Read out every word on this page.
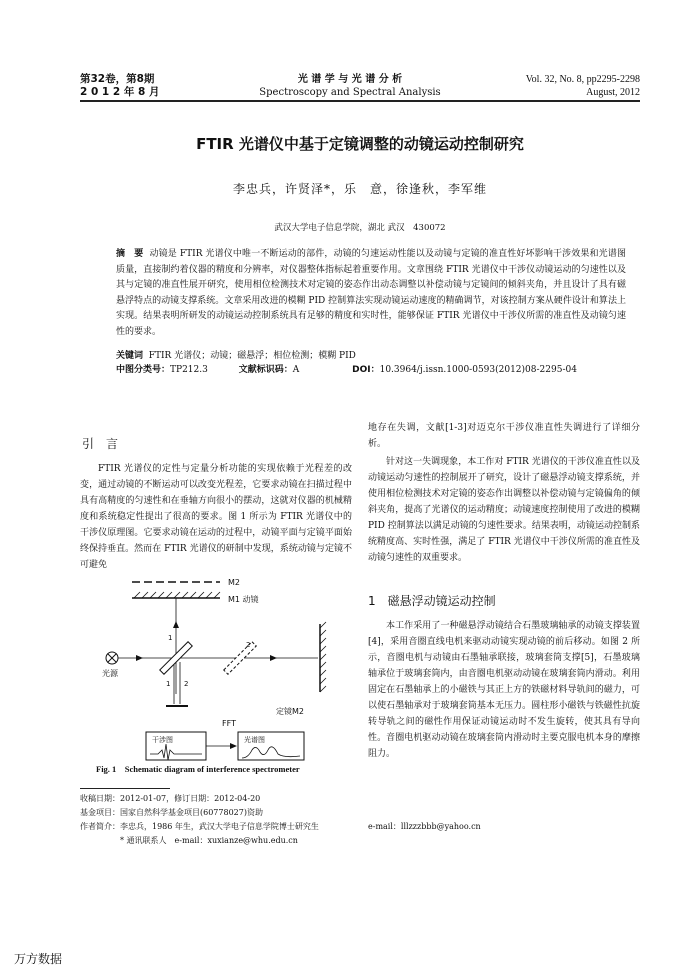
第32卷，第8期
2 0 1 2 年 8 月
光 谱 学 与 光 谱 分 析
Spectroscopy and Spectral Analysis
Vol. 32, No. 8, pp2295-2298
August, 2012
FTIR 光谱仪中基于定镜调整的动镜运动控制研究
李忠兵，许贤泽*，乐　意，徐逢秋，李军维
武汉大学电子信息学院，湖北 武汉　430072
摘　要 动镜是 FTIR 光谱仪中唯一不断运动的部件，动镜的匀速运动性能以及动镜与定镜的准直性好坏影响干涉效果和光谱图质量，直接制约着仪器的精度和分辨率，对仪器整体指标起着重要作用。文章围绕 FTIR 光谱仪中干涉仪动镜运动的匀速性以及其与定镜的准直性展开研究，使用相位检测技术对定镜的姿态作出动态调整以补偿动镜与定镜间的倾斜夹角，并且设计了具有磁悬浮特点的动镜支撑系统。文章采用改进的模糊 PID 控制算法实现动镜运动速度的精确调节，对该控制方案从硬件设计和算法上实现。结果表明所研发的动镜运动控制系统具有足够的精度和实时性，能够保证 FTIR 光谱仪中干涉仪所需的准直性及动镜匀速性的要求。
关键词 FTIR 光谱仪；动镜；磁悬浮；相位检测；模糊 PID
中图分类号：TP212.3	文献标识码：A	DOI：10.3964/j.issn.1000-0593(2012)08-2295-04
引　言
FTIR 光谱仪的定性与定量分析功能的实现依赖于光程差的改变，通过动镜的不断运动可以改变光程差，它要求动镜在扫描过程中具有高精度的匀速性和在垂轴方向很小的摆动，这就对仪器的机械精度和系统稳定性提出了很高的要求。图 1 所示为 FTIR 光谱仪中的干涉仪原理图。它要求动镜在运动的过程中，动镜平面与定镜平面始终保持垂直。然而在 FTIR 光谱仪的研制中发现，系统动镜与定镜不可避免
M2
M1 动镜
1
光源
2
定镜M2
1 2
FFT
干涉图	光谱图
Fig. 1　Schematic diagram of interference spectrometer
收稿日期：2012-01-07，修订日期：2012-04-20
基金项目：国家自然科学基金项目(60778027)资助
作者简介：李忠兵，1986 年生，武汉大学电子信息学院博士研究生
* 通讯联系人　e-mail：xuxianze@whu.edu.cn
e-mail：lllzzzbbb@yahoo.cn
地存在失调，文献[1-3]对迈克尔干涉仪准直性失调进行了详细分析。
针对这一失调现象，本工作对 FTIR 光谱仪的干涉仪准直性以及动镜运动匀速性的控制展开了研究，设计了磁悬浮动镜支撑系统，并使用相位检测技术对定镜的姿态作出调整以补偿动镜与定镜偏角的倾斜夹角，提高了光谱仪的运动精度；动镜速度控制使用了改进的模糊 PID 控制算法以满足动镜的匀速性要求。结果表明，动镜运动控制系统精度高、实时性强，满足了 FTIR 光谱仪中干涉仪所需的准直性及动镜匀速性的双重要求。
1　磁悬浮动镜运动控制
本工作采用了一种磁悬浮动镜结合石墨玻璃轴承的动镜支撑装置[4]，采用音圈直线电机来驱动动镜实现动镜的前后移动。如图 2 所示，音圈电机与动镜由石墨轴承联接，玻璃套筒支撑[5]，石墨玻璃轴承位于玻璃套筒内，由音圈电机驱动动镜在玻璃套筒内滑动。利用固定在石墨轴承上的小磁铁与其正上方的铁磁材料导轨间的磁力，可以使石墨轴承对于玻璃套筒基本无压力。圆柱形小磁铁与铁磁性抗旋转导轨之间的磁性作用保证动镜运动时不发生旋转，使其具有导向性。音圈电机驱动动镜在玻璃套筒内滑动时主要克服电机本身的摩擦阻力。
万方数据
